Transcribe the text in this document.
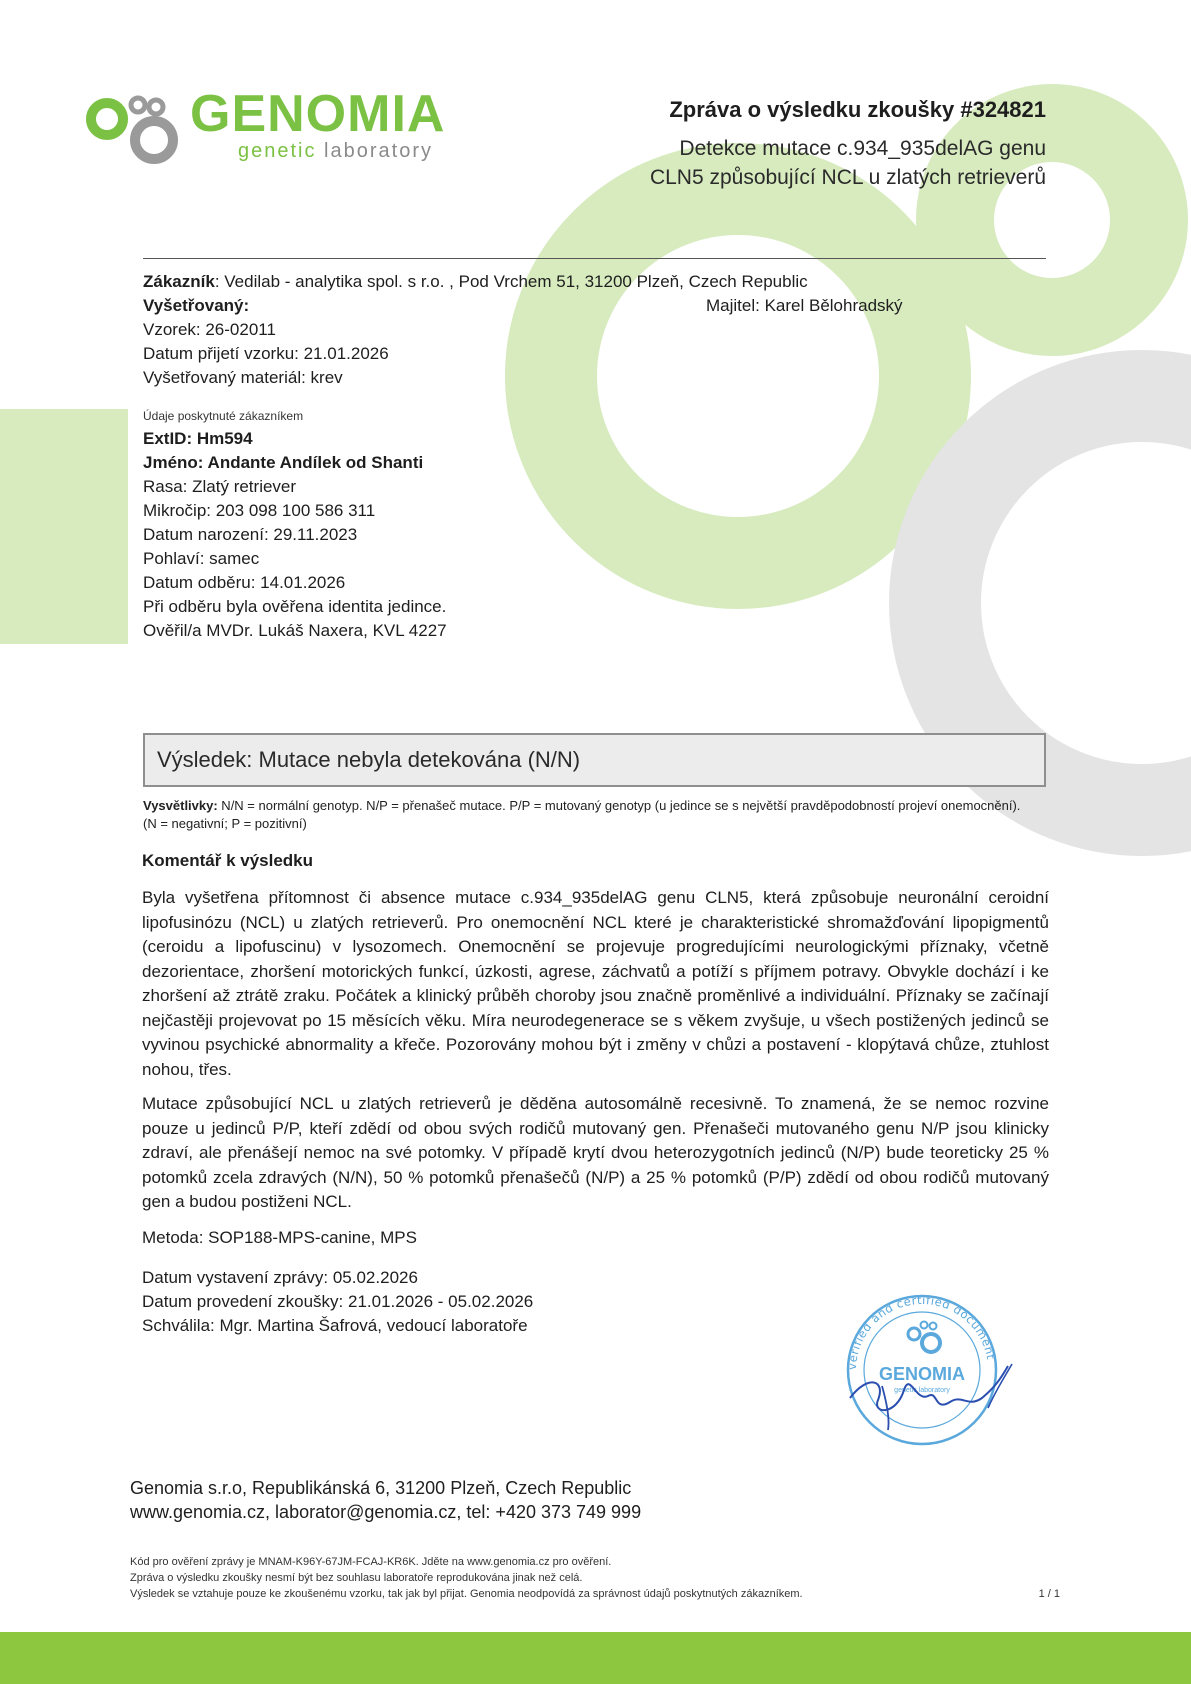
GENOMIA
genetic laboratory
Zpráva o výsledku zkoušky #324821
Detekce mutace c.934_935delAG genu
CLN5 způsobující NCL u zlatých retrieverů
Zákazník: Vedilab - analytika spol. s r.o. , Pod Vrchem 51, 31200 Plzeň, Czech Republic
Vyšetřovaný:	Majitel: Karel Bělohradský
Vzorek: 26-02011
Datum přijetí vzorku: 21.01.2026
Vyšetřovaný materiál: krev
Údaje poskytnuté zákazníkem
ExtID: Hm594
Jméno: Andante Andílek od Shanti
Rasa: Zlatý retriever
Mikročip: 203 098 100 586 311
Datum narození: 29.11.2023
Pohlaví: samec
Datum odběru: 14.01.2026
Při odběru byla ověřena identita jedince.
Ověřil/a MVDr. Lukáš Naxera, KVL 4227
Výsledek: Mutace nebyla detekována (N/N)
Vysvětlivky: N/N = normální genotyp. N/P = přenašeč mutace. P/P = mutovaný genotyp (u jedince se s největší pravděpodobností projeví onemocnění). (N = negativní; P = pozitivní)
Komentář k výsledku
Byla vyšetřena přítomnost či absence mutace c.934_935delAG genu CLN5, která způsobuje neuronální ceroidní lipofusinózu (NCL) u zlatých retrieverů. Pro onemocnění NCL které je charakteristické shromažďování lipopigmentů (ceroidu a lipofuscinu) v lysozomech. Onemocnění se projevuje progredujícími neurologickými příznaky, včetně dezorientace, zhoršení motorických funkcí, úzkosti, agrese, záchvatů a potíží s příjmem potravy. Obvykle dochází i ke zhoršení až ztrátě zraku. Počátek a klinický průběh choroby jsou značně proměnlivé a individuální. Příznaky se začínají nejčastěji projevovat po 15 měsících věku. Míra neurodegenerace se s věkem zvyšuje, u všech postižených jedinců se vyvinou psychické abnormality a křeče. Pozorovány mohou být i změny v chůzi a postavení - klopýtavá chůze, ztuhlost nohou, třes.
Mutace způsobující NCL u zlatých retrieverů je děděna autosomálně recesivně. To znamená, že se nemoc rozvine pouze u jedinců P/P, kteří zdědí od obou svých rodičů mutovaný gen. Přenašeči mutovaného genu N/P jsou klinicky zdraví, ale přenášejí nemoc na své potomky. V případě krytí dvou heterozygotních jedinců (N/P) bude teoreticky 25 % potomků zcela zdravých (N/N), 50 % potomků přenašečů (N/P) a 25 % potomků (P/P) zdědí od obou rodičů mutovaný gen a budou postiženi NCL.
Metoda: SOP188-MPS-canine, MPS
Datum vystavení zprávy: 05.02.2026
Datum provedení zkoušky: 21.01.2026 - 05.02.2026
Schválila: Mgr. Martina Šafrová, vedoucí laboratoře
verified and certified document
GENOMIA
genetic laboratory
Genomia s.r.o, Republikánská 6, 31200 Plzeň, Czech Republic
www.genomia.cz, laborator@genomia.cz, tel: +420 373 749 999
Kód pro ověření zprávy je MNAM-K96Y-67JM-FCAJ-KR6K. Jděte na www.genomia.cz pro ověření.
Zpráva o výsledku zkoušky nesmí být bez souhlasu laboratoře reprodukována jinak než celá.
Výsledek se vztahuje pouze ke zkoušenému vzorku, tak jak byl přijat. Genomia neodpovídá za správnost údajů poskytnutých zákazníkem.	1 / 1
